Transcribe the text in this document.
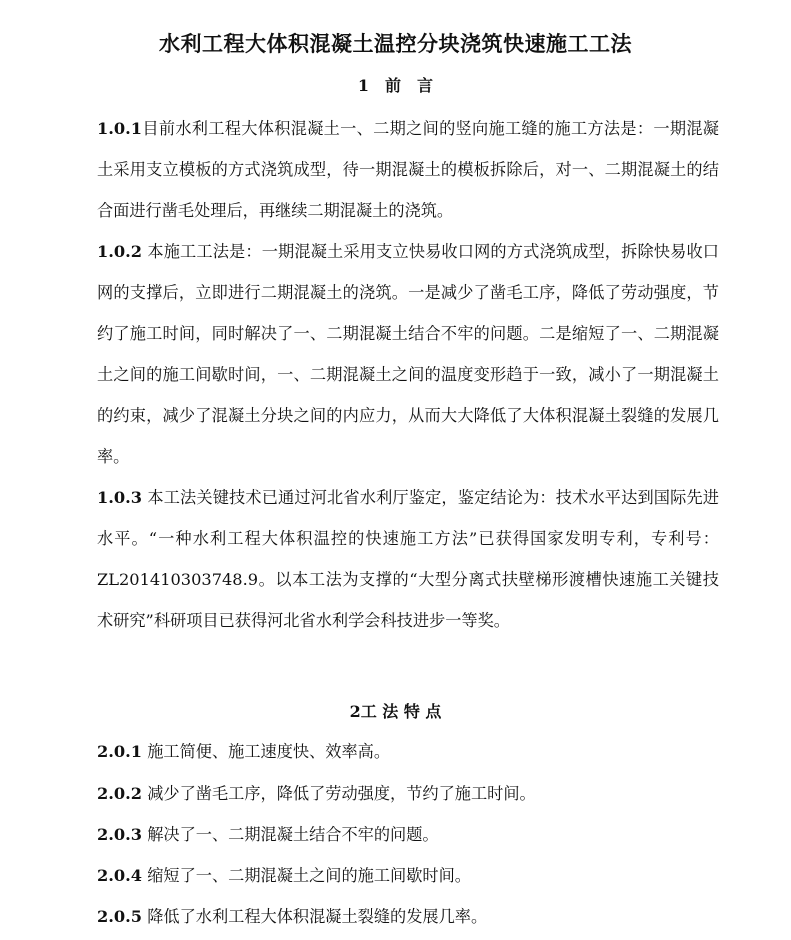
水利工程大体积混凝土温控分块浇筑快速施工工法
1　前　言
1.0.1目前水利工程大体积混凝土一、二期之间的竖向施工缝的施工方法是：一期混凝土采用支立模板的方式浇筑成型，待一期混凝土的模板拆除后，对一、二期混凝土的结合面进行凿毛处理后，再继续二期混凝土的浇筑。
1.0.2 本施工工法是：一期混凝土采用支立快易收口网的方式浇筑成型，拆除快易收口网的支撑后，立即进行二期混凝土的浇筑。一是减少了凿毛工序，降低了劳动强度，节约了施工时间，同时解决了一、二期混凝土结合不牢的问题。二是缩短了一、二期混凝土之间的施工间歇时间，一、二期混凝土之间的温度变形趋于一致，减小了一期混凝土的约束，减少了混凝土分块之间的内应力，从而大大降低了大体积混凝土裂缝的发展几率。
1.0.3 本工法关键技术已通过河北省水利厅鉴定，鉴定结论为：技术水平达到国际先进水平。“一种水利工程大体积温控的快速施工方法”已获得国家发明专利，专利号：ZL201410303748.9。以本工法为支撑的“大型分离式扶壁梯形渡槽快速施工关键技术研究”科研项目已获得河北省水利学会科技进步一等奖。
2工 法 特 点
2.0.1 施工简便、施工速度快、效率高。
2.0.2 减少了凿毛工序，降低了劳动强度，节约了施工时间。
2.0.3 解决了一、二期混凝土结合不牢的问题。
2.0.4 缩短了一、二期混凝土之间的施工间歇时间。
2.0.5 降低了水利工程大体积混凝土裂缝的发展几率。
